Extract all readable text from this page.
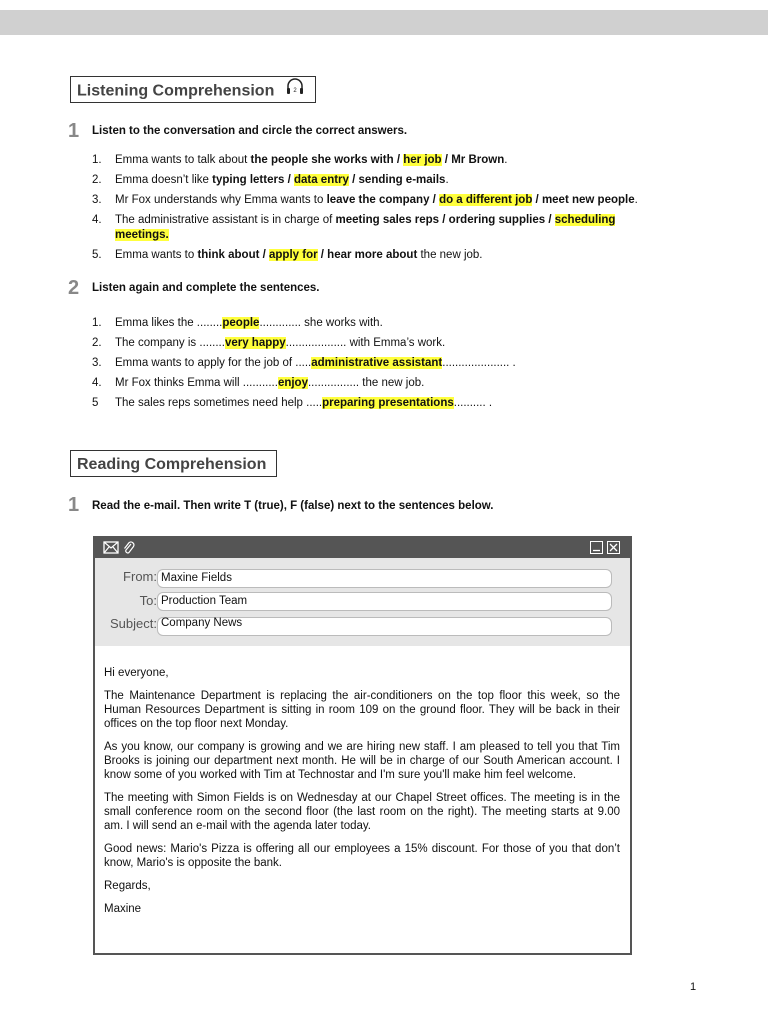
Listening Comprehension	2
1 Listen to the conversation and circle the correct answers.
1. Emma wants to talk about the people she works with / her job / Mr Brown.
2. Emma doesn’t like typing letters / data entry / sending e-mails.
3. Mr Fox understands why Emma wants to leave the company / do a different job / meet new people.
4. The administrative assistant is in charge of meeting sales reps / ordering supplies / scheduling meetings.
5. Emma wants to think about / apply for / hear more about the new job.
2 Listen again and complete the sentences.
1. Emma likes the ........people............. she works with.
2. The company is ........very happy................... with Emma’s work.
3. Emma wants to apply for the job of .....administrative assistant..................... .
4. Mr Fox thinks Emma will ...........enjoy................ the new job.
5 The sales reps sometimes need help .....preparing presentations.......... .
Reading Comprehension
1 Read the e-mail. Then write T (true), F (false) next to the sentences below.
From: Maxine Fields
To: Production Team
Subject: Company News

Hi everyone,

The Maintenance Department is replacing the air-conditioners on the top floor this week, so the Human Resources Department is sitting in room 109 on the ground floor. They will be back in their offices on the top floor next Monday.

As you know, our company is growing and we are hiring new staff. I am pleased to tell you that Tim Brooks is joining our department next month. He will be in charge of our South American account. I know some of you worked with Tim at Technostar and I'm sure you'll make him feel welcome.

The meeting with Simon Fields is on Wednesday at our Chapel Street offices. The meeting is in the small conference room on the second floor (the last room on the right). The meeting starts at 9.00 am. I will send an e-mail with the agenda later today.

Good news: Mario's Pizza is offering all our employees a 15% discount. For those of you that don’t know, Mario's is opposite the bank.

Regards,

Maxine

1
